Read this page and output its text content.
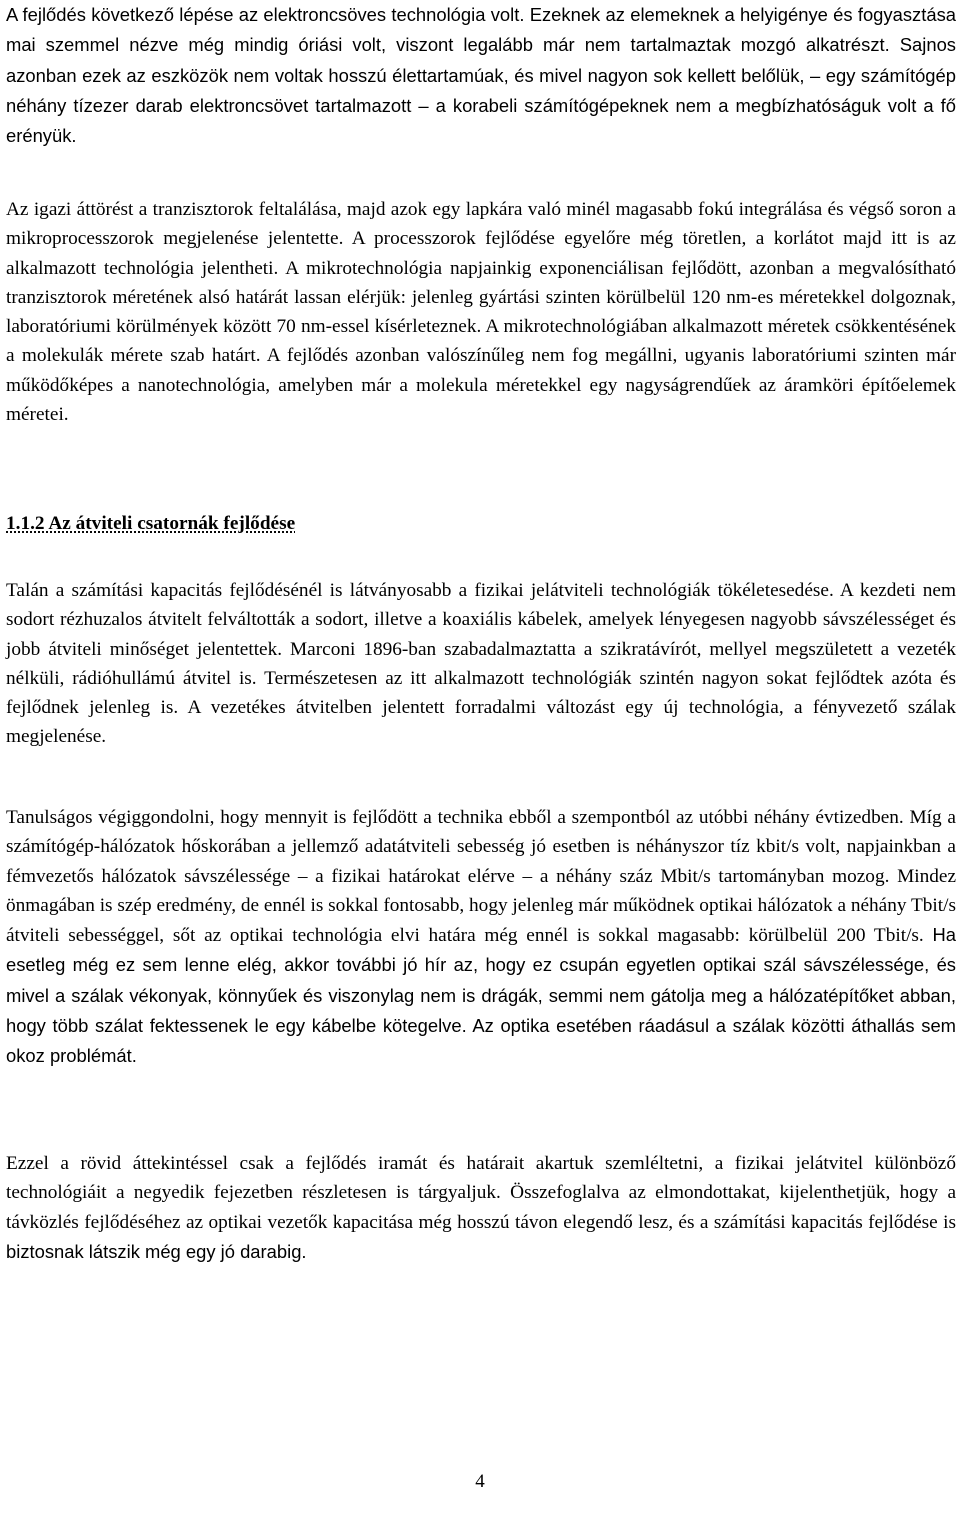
A fejlődés következő lépése az elektroncsöves technológia volt. Ezeknek az elemeknek a helyigénye és fogyasztása mai szemmel nézve még mindig óriási volt, viszont legalább már nem tartalmaztak mozgó alkatrészt. Sajnos azonban ezek az eszközök nem voltak hosszú élettartamúak, és mivel nagyon sok kellett belőlük, – egy számítógép néhány tízezer darab elektroncsövet tartalmazott – a korabeli számítógépeknek nem a megbízhatóságuk volt a fő erényük.

Az igazi áttörést a tranzisztorok feltalálása, majd azok egy lapkára való minél magasabb fokú integrálása és végső soron a mikroprocesszorok megjelenése jelentette. A processzorok fejlődése egyelőre még töretlen, a korlátot majd itt is az alkalmazott technológia jelentheti. A mikrotechnológia napjainkig exponenciálisan fejlődött, azonban a megvalósítható tranzisztorok méretének alsó határát lassan elérjük: jelenleg gyártási szinten körülbelül 120 nm-es méretekkel dolgoznak, laboratóriumi körülmények között 70 nm-essel kísérleteznek. A mikrotechnológiában alkalmazott méretek csökkentésének a molekulák mérete szab határt. A fejlődés azonban valószínűleg nem fog megállni, ugyanis laboratóriumi szinten már működőképes a nanotechnológia, amelyben már a molekula méretekkel egy nagyságrendűek az áramköri építőelemek méretei.

1.1.2 Az átviteli csatornák fejlődése

Talán a számítási kapacitás fejlődésénél is látványosabb a fizikai jelátviteli technológiák tökéletesedése. A kezdeti nem sodort rézhuzalos átvitelt felváltották a sodort, illetve a koaxiális kábelek, amelyek lényegesen nagyobb sávszélességet és jobb átviteli minőséget jelentettek. Marconi 1896-ban szabadalmaztatta a szikratávírót, mellyel megszületett a vezeték nélküli, rádióhullámú átvitel is. Természetesen az itt alkalmazott technológiák szintén nagyon sokat fejlődtek azóta és fejlődnek jelenleg is. A vezetékes átvitelben jelentett forradalmi változást egy új technológia, a fényvezető szálak megjelenése.

Tanulságos végiggondolni, hogy mennyit is fejlődött a technika ebből a szempontból az utóbbi néhány évtizedben. Míg a számítógép-hálózatok hőskorában a jellemző adatátviteli sebesség jó esetben is néhányszor tíz kbit/s volt, napjainkban a fémvezetős hálózatok sávszélessége – a fizikai határokat elérve – a néhány száz Mbit/s tartományban mozog. Mindez önmagában is szép eredmény, de ennél is sokkal fontosabb, hogy jelenleg már működnek optikai hálózatok a néhány Tbit/s átviteli sebességgel, sőt az optikai technológia elvi határa még ennél is sokkal magasabb: körülbelül 200 Tbit/s. Ha esetleg még ez sem lenne elég, akkor további jó hír az, hogy ez csupán egyetlen optikai szál sávszélessége, és mivel a szálak vékonyak, könnyűek és viszonylag nem is drágák, semmi nem gátolja meg a hálózatépítőket abban, hogy több szálat fektessenek le egy kábelbe kötegelve. Az optika esetében ráadásul a szálak közötti áthallás sem okoz problémát.

Ezzel a rövid áttekintéssel csak a fejlődés iramát és határait akartuk szemléltetni, a fizikai jelátvitel különböző technológiáit a negyedik fejezetben részletesen is tárgyaljuk. Összefoglalva az elmondottakat, kijelenthetjük, hogy a távközlés fejlődéséhez az optikai vezetők kapacitása még hosszú távon elegendő lesz, és a számítási kapacitás fejlődése is biztosnak látszik még egy jó darabig.

4
